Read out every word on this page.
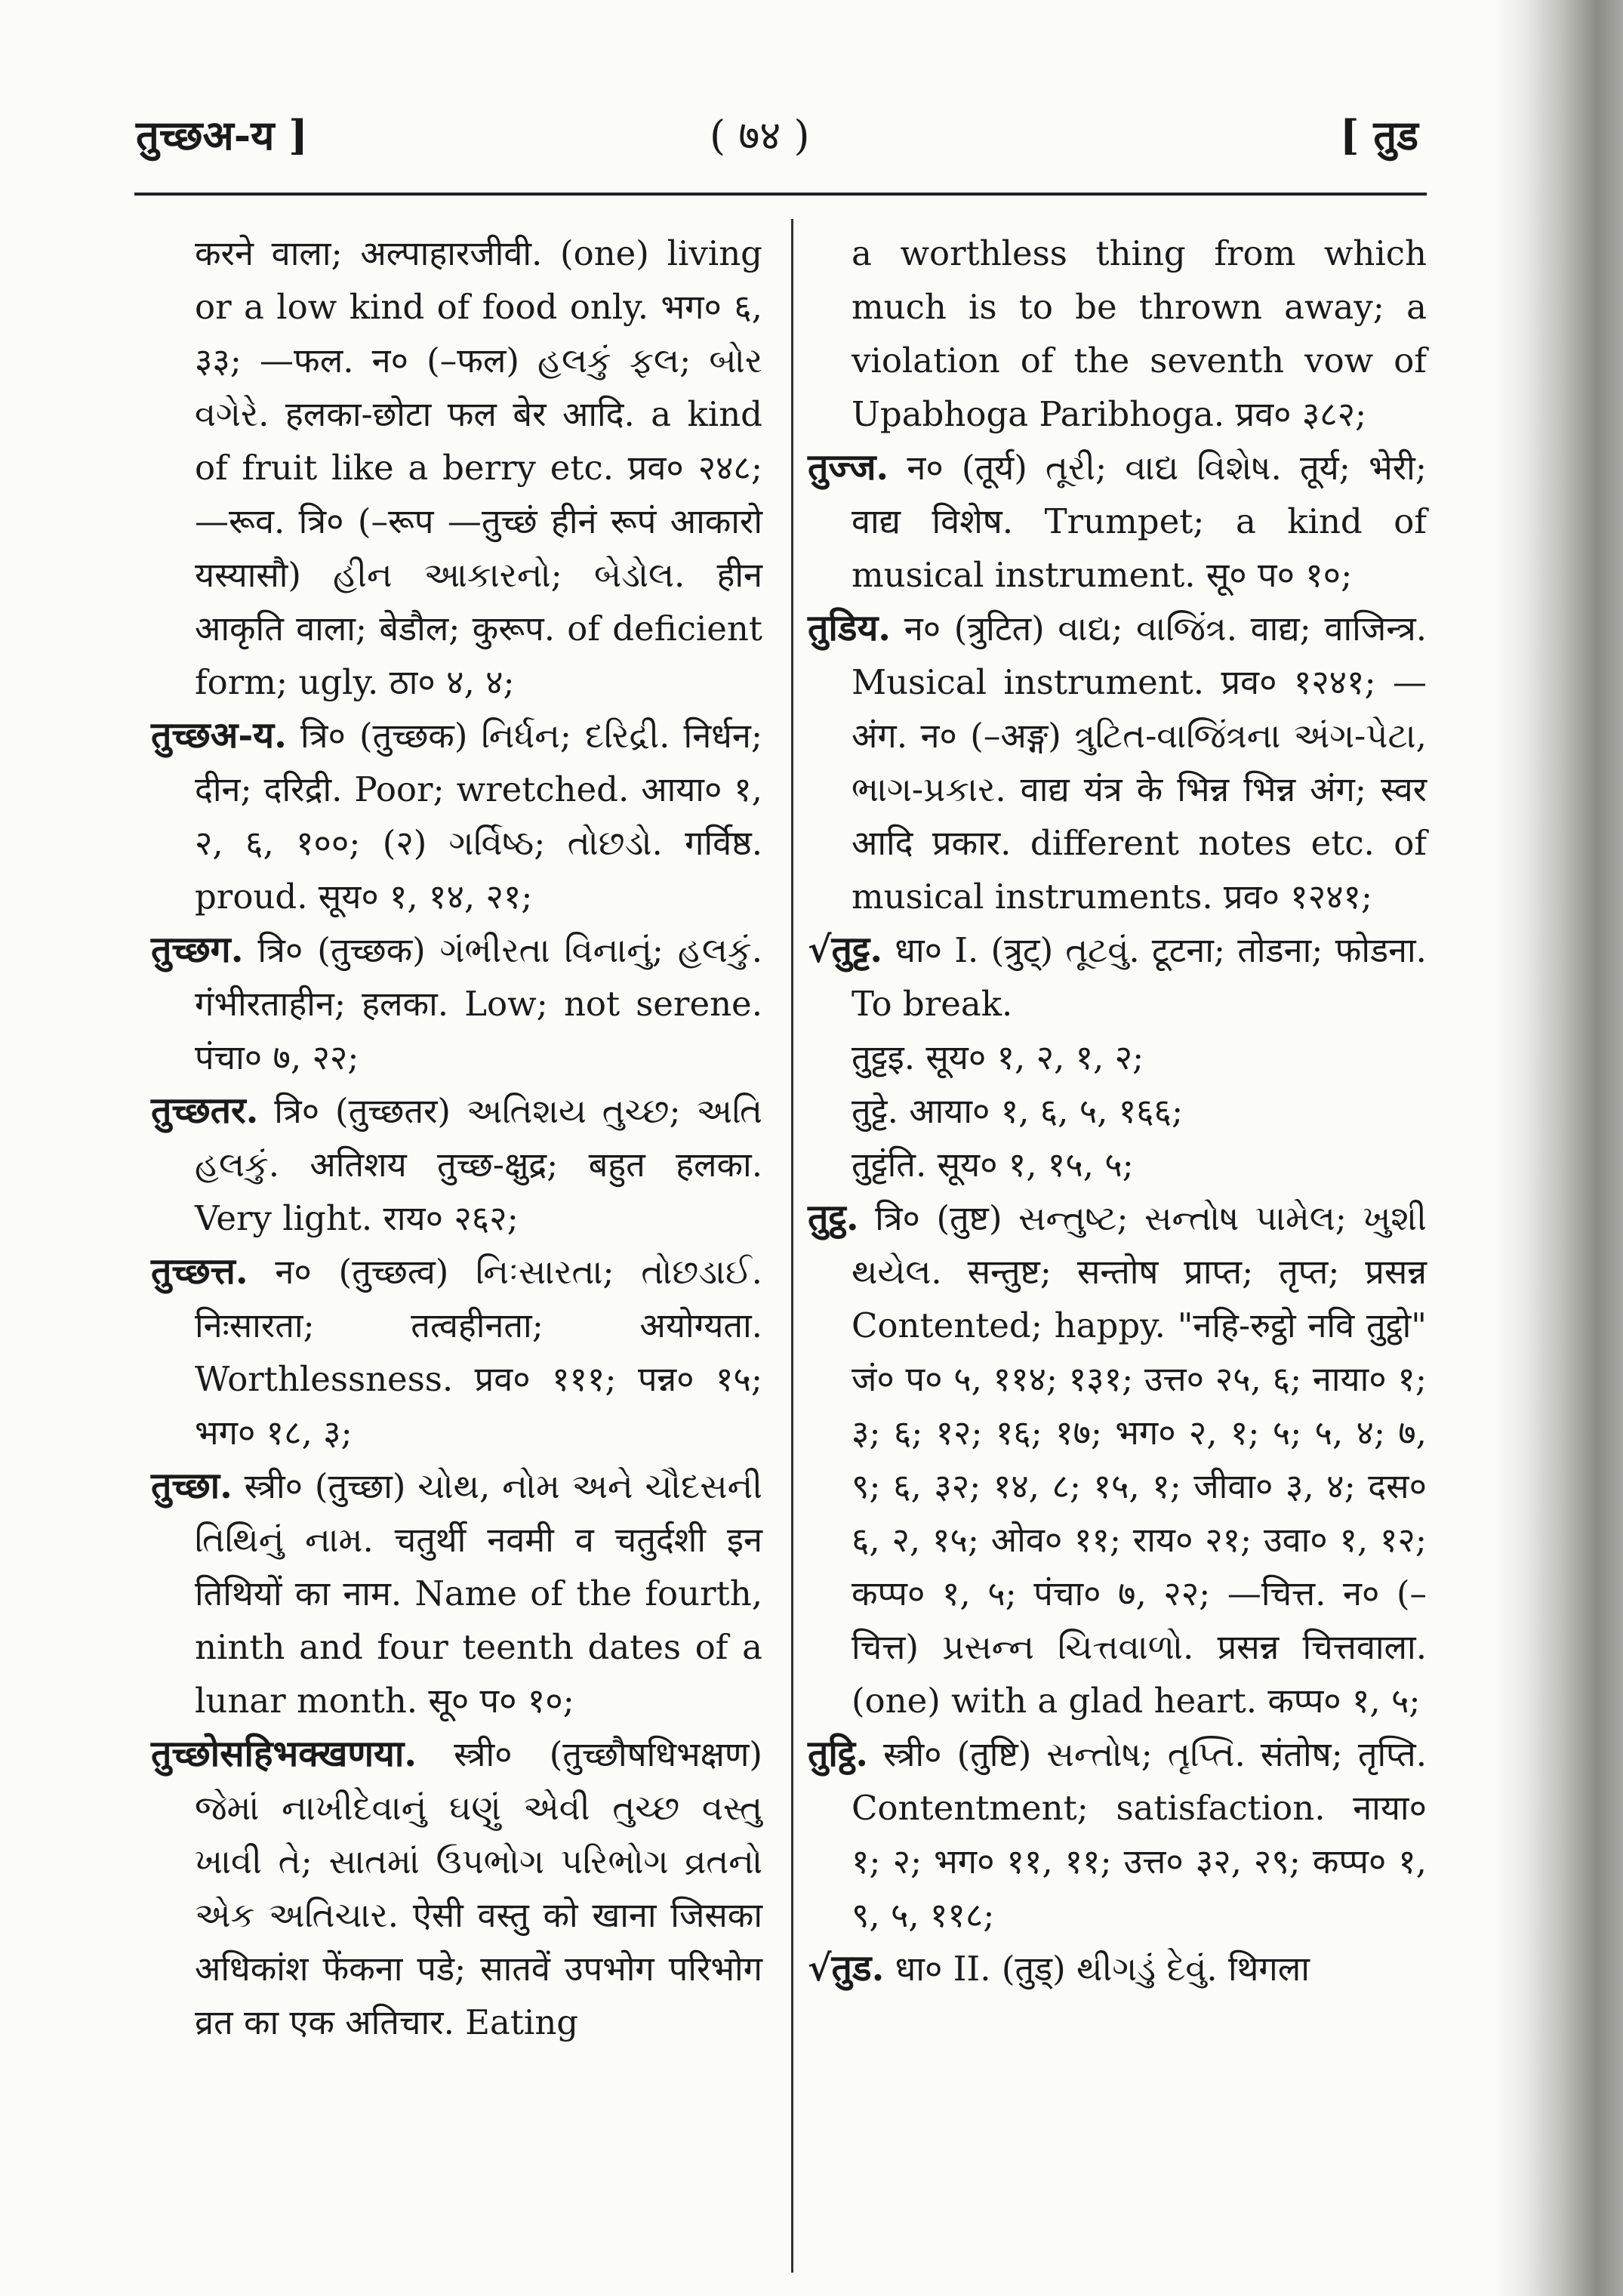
तुच्छअ-य ]	( ७४ )	[ तुड

करने वाला; अल्पाहारजीवी. (one) living or a low kind of food only. भग० ६, ३३; —फल. न० (–फल) હલકું ફલ; બોર વગેરે. हलका-छोटा फल बेर आदि. a kind of fruit like a berry etc. प्रव० २४८;—रूव. त्रि० (–रूप —तुच्छं हीनं रूपं आकारो यस्यासौ) હીન આકારનો; બેડોલ. हीन आकृति वाला; बेडौल; कुरूप. of deficient form; ugly. ठा० ४, ४;

तुच्छअ-य. त्रि० (तुच्छक) નિર્ધન; દરિદ્રી. निर्धन; दीन; दरिद्री. Poor; wretched. आया० १, २, ६, १००; (२) ગર્વિષ્ઠ; તોછડો. गर्विष्ठ. proud. सूय० १, १४, २१;

तुच्छग. त्रि० (तुच्छक) ગંભીરતા વિનાનું; હલકું. गंभीरताहीन; हलका. Low; not serene. पंचा० ७, २२;

तुच्छतर. त्रि० (तुच्छतर) અતિશય તુચ્છ; અતિ હલકું. अतिशय तुच्छ-क्षुद्र; बहुत हलका. Very light. राय० २६२;

तुच्छत्त. न० (तुच्छत्व) નિઃસારતા; તોછડાઈ. निःसारता; तत्वहीनता; अयोग्यता. Worthlessness. प्रव० १११; पन्न० १५; भग० १८, ३;

तुच्छा. स्त्री० (तुच्छा) ચોથ, નોમ અને ચૌદસની તિથિનું નામ. चतुर्थी नवमी व चतुर्दशी इन तिथियों का नाम. Name of the fourth, ninth and four teenth dates of a lunar month. सू० प० १०;

तुच्छोसहिभक्खणया. स्त्री० (तुच्छौषधिभक्षण) જેમાં નાખીદેવાનું ઘણું એવી તુચ્છ વસ્તુ ખાવી તે; સાતમાં ઉપભોગ પરિભોગ વ્રતનો એક અતિચાર. ऐसी वस्तु को खाना जिसका अधिकांश फेंकना पडे; सातवें उपभोग परिभोग व्रत का एक अतिचार. Eating

a worthless thing from which much is to be thrown away; a violation of the seventh vow of Upabhoga Paribhoga. प्रव० ३८२;

तुज्ज. न० (तूर्य) તૂરી; વાદ્ય વિશેષ. तूर्य; भेरी; वाद्य विशेष. Trumpet; a kind of musical instrument. सू० प० १०;

तुडिय. न० (त्रुटित) વાદ્ય; વાજિંત્ર. वाद्य; वाजिन्त्र. Musical instrument. प्रव० १२४१; —अंग. न० (–अङ्ग) ત્રુટિત-વાજિંત્રના અંગ-પેટા, ભાગ-પ્રકાર. वाद्य यंत्र के भिन्न भिन्न अंग; स्वर आदि प्रकार. different notes etc. of musical instruments. प्रव० १२४१;

√तुट्ट. धा० I. (त्रुट्) તૂટવું. टूटना; तोडना; फोडना. To break.

तुट्टइ. सूय० १, २, १, २;

तुट्टे. आया० १, ६, ५, १६६;

तुट्टंति. सूय० १, १५, ५;

तुट्ठ. त्रि० (तुष्ट) સન્તુષ્ટ; સન્તોષ પામેલ; ખુશી થયેલ. सन्तुष्ट; सन्तोष प्राप्त; तृप्त; प्रसन्न Contented; happy. "नहि-रुट्ठो नवि तुट्ठो" जं० प० ५, ११४; १३१; उत्त० २५, ६; नाया० १; ३; ६; १२; १६; १७; भग० २, १; ५; ५, ४; ७, ९; ६, ३२; १४, ८; १५, १; जीवा० ३, ४; दस० ६, २, १५; ओव० ११; राय० २१; उवा० १, १२; कप्प० १, ५; पंचा० ७, २२; —चित्त. न० (–चित्त) પ્રસન્ન ચિત્તવાળો. प्रसन्न चित्तवाला. (one) with a glad heart. कप्प० १, ५;

तुट्ठि. स्त्री० (तुष्टि) સન્તોષ; તૃપ્તિ. संतोष; तृप्ति. Contentment; satisfaction. नाया० १; २; भग० ११, ११; उत्त० ३२, २९; कप्प० १, ९, ५, ११८;

√तुड. धा० II. (तुड्) થીગડું દેવું. थिगला
